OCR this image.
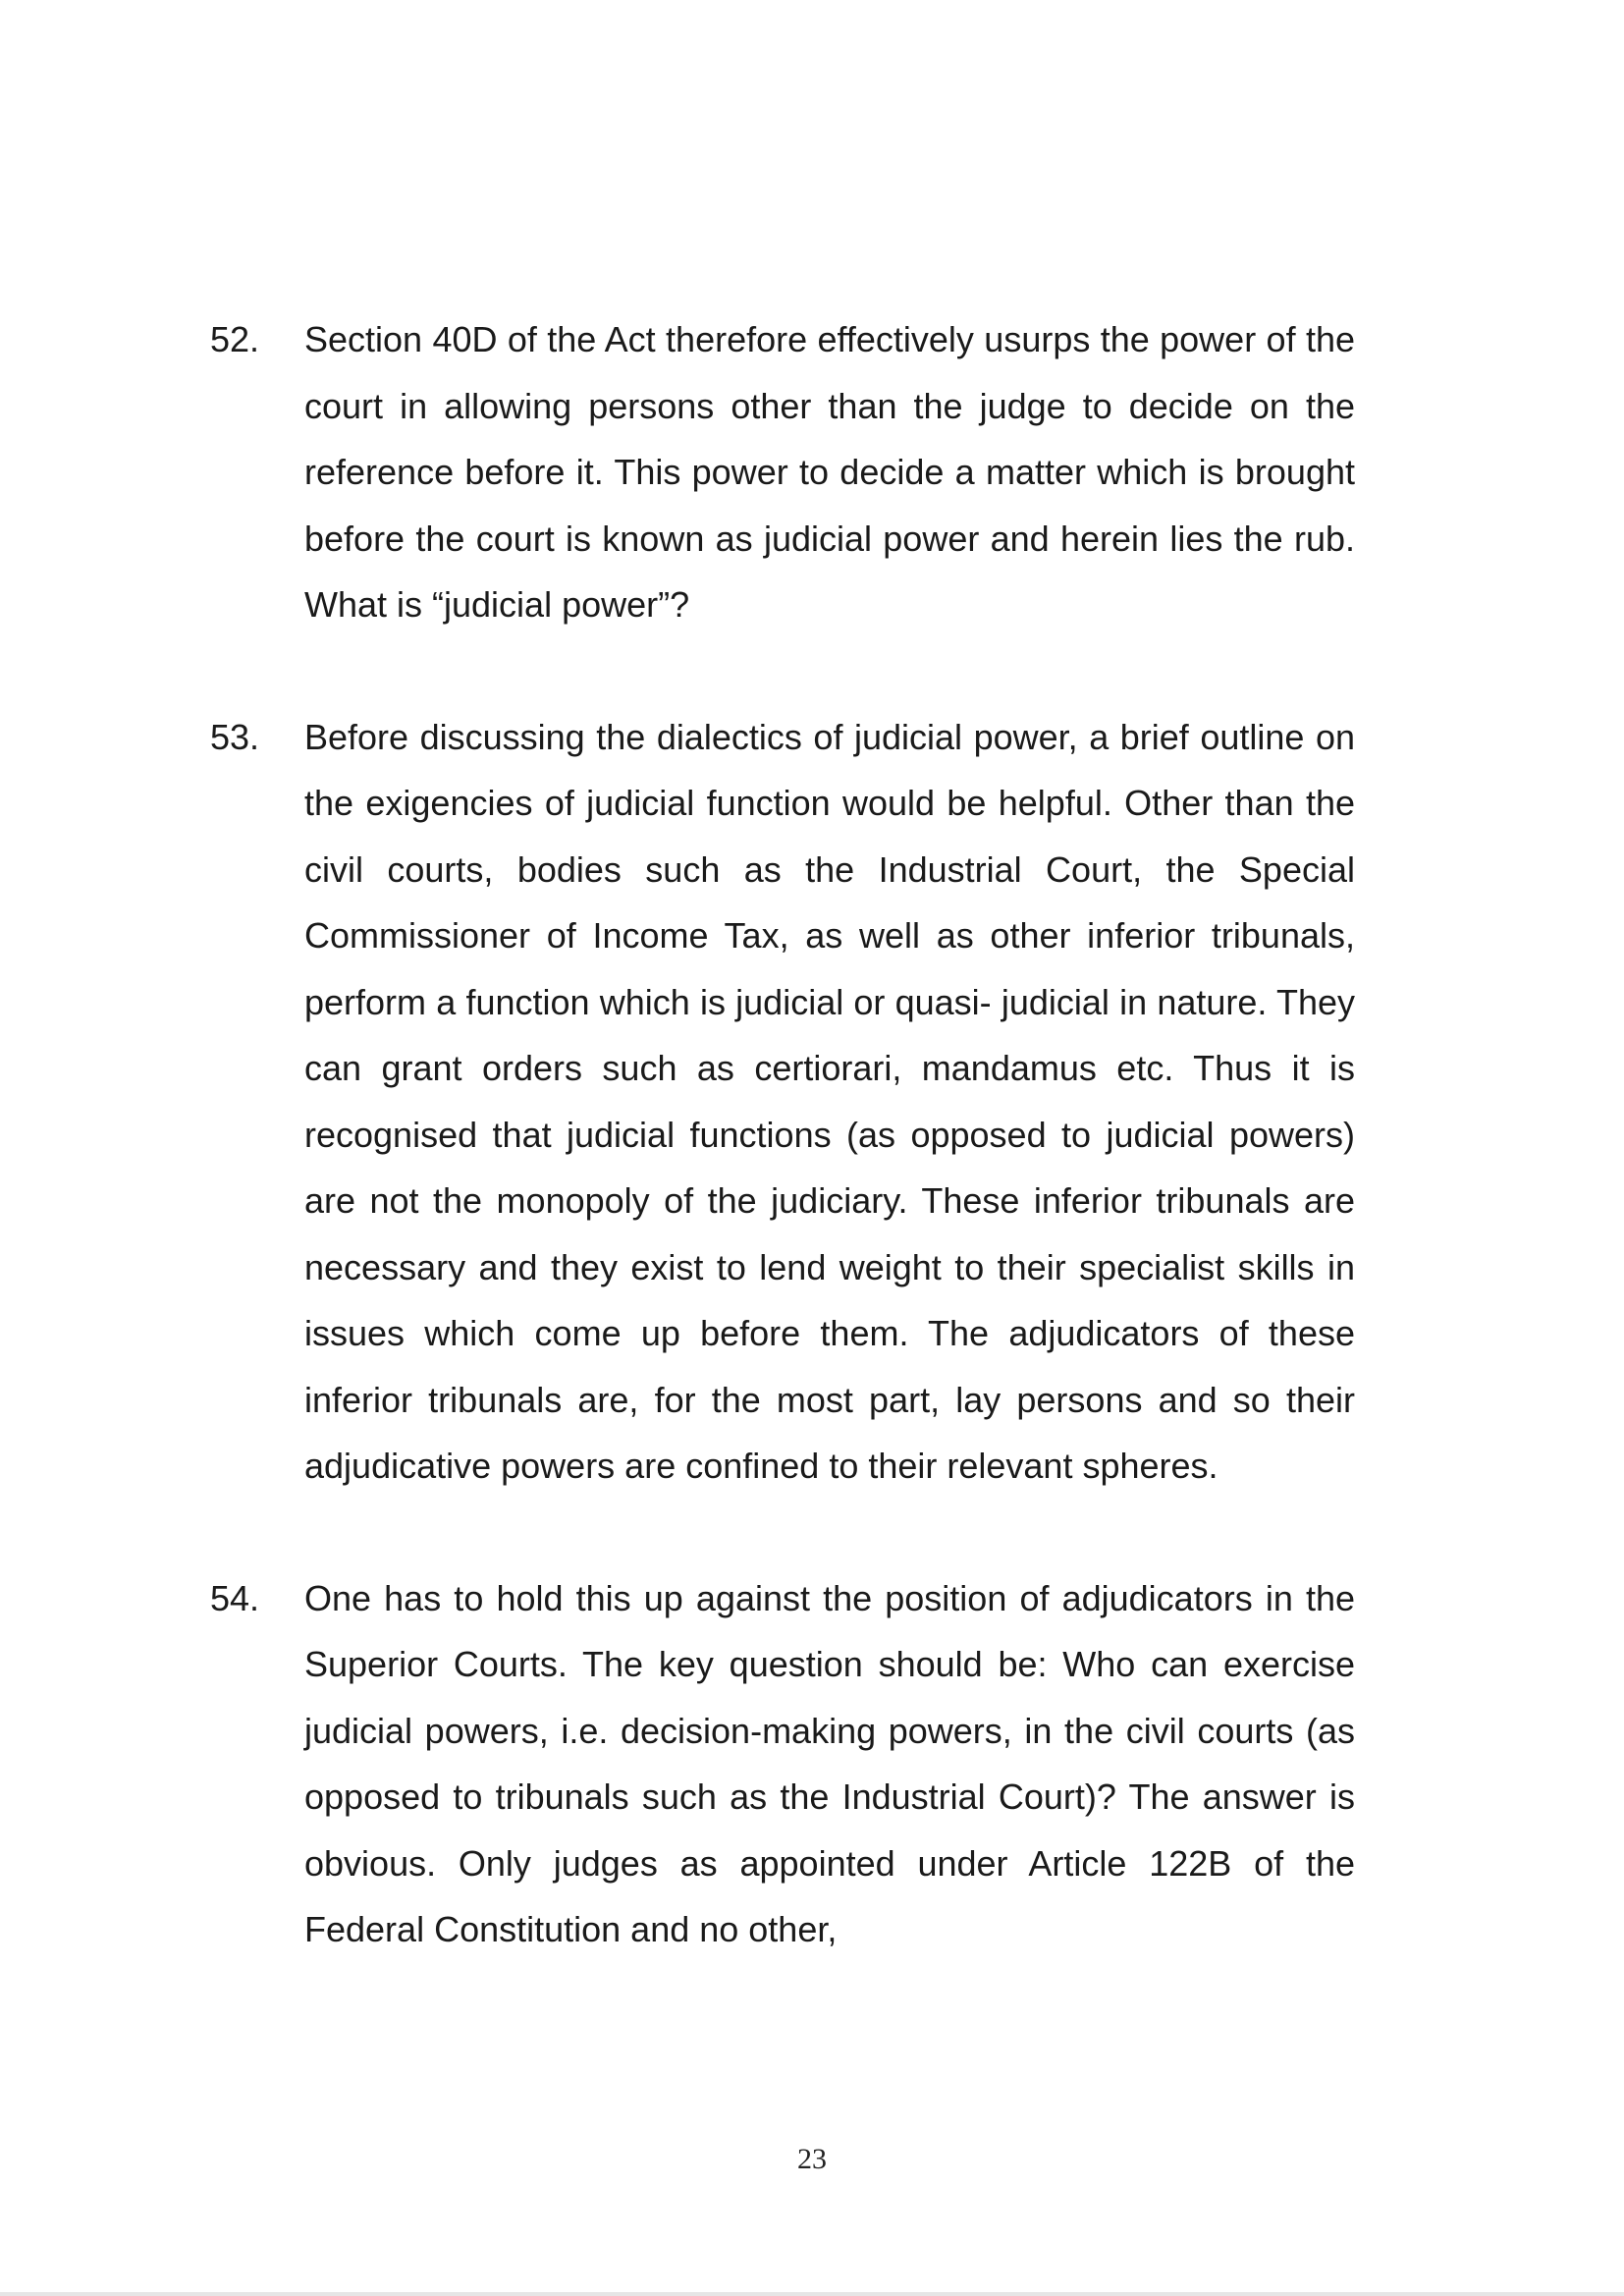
52.	Section 40D of the Act therefore effectively usurps the power of the court in allowing persons other than the judge to decide on the reference before it. This power to decide a matter which is brought before the court is known as judicial power and herein lies the rub. What is “judicial power”?
53.	Before discussing the dialectics of judicial power, a brief outline on the exigencies of judicial function would be helpful. Other than the civil courts, bodies such as the Industrial Court, the Special Commissioner of Income Tax, as well as other inferior tribunals, perform a function which is judicial or quasi- judicial in nature. They can grant orders such as certiorari, mandamus etc. Thus it is recognised that judicial functions (as opposed to judicial powers) are not the monopoly of the judiciary. These inferior tribunals are necessary and they exist to lend weight to their specialist skills in issues which come up before them. The adjudicators of these inferior tribunals are, for the most part, lay persons and so their adjudicative powers are confined to their relevant spheres.
54.	One has to hold this up against the position of adjudicators in the Superior Courts. The key question should be: Who can exercise judicial powers, i.e. decision-making powers, in the civil courts (as opposed to tribunals such as the Industrial Court)? The answer is obvious. Only judges as appointed under Article 122B of the Federal Constitution and no other,
23
